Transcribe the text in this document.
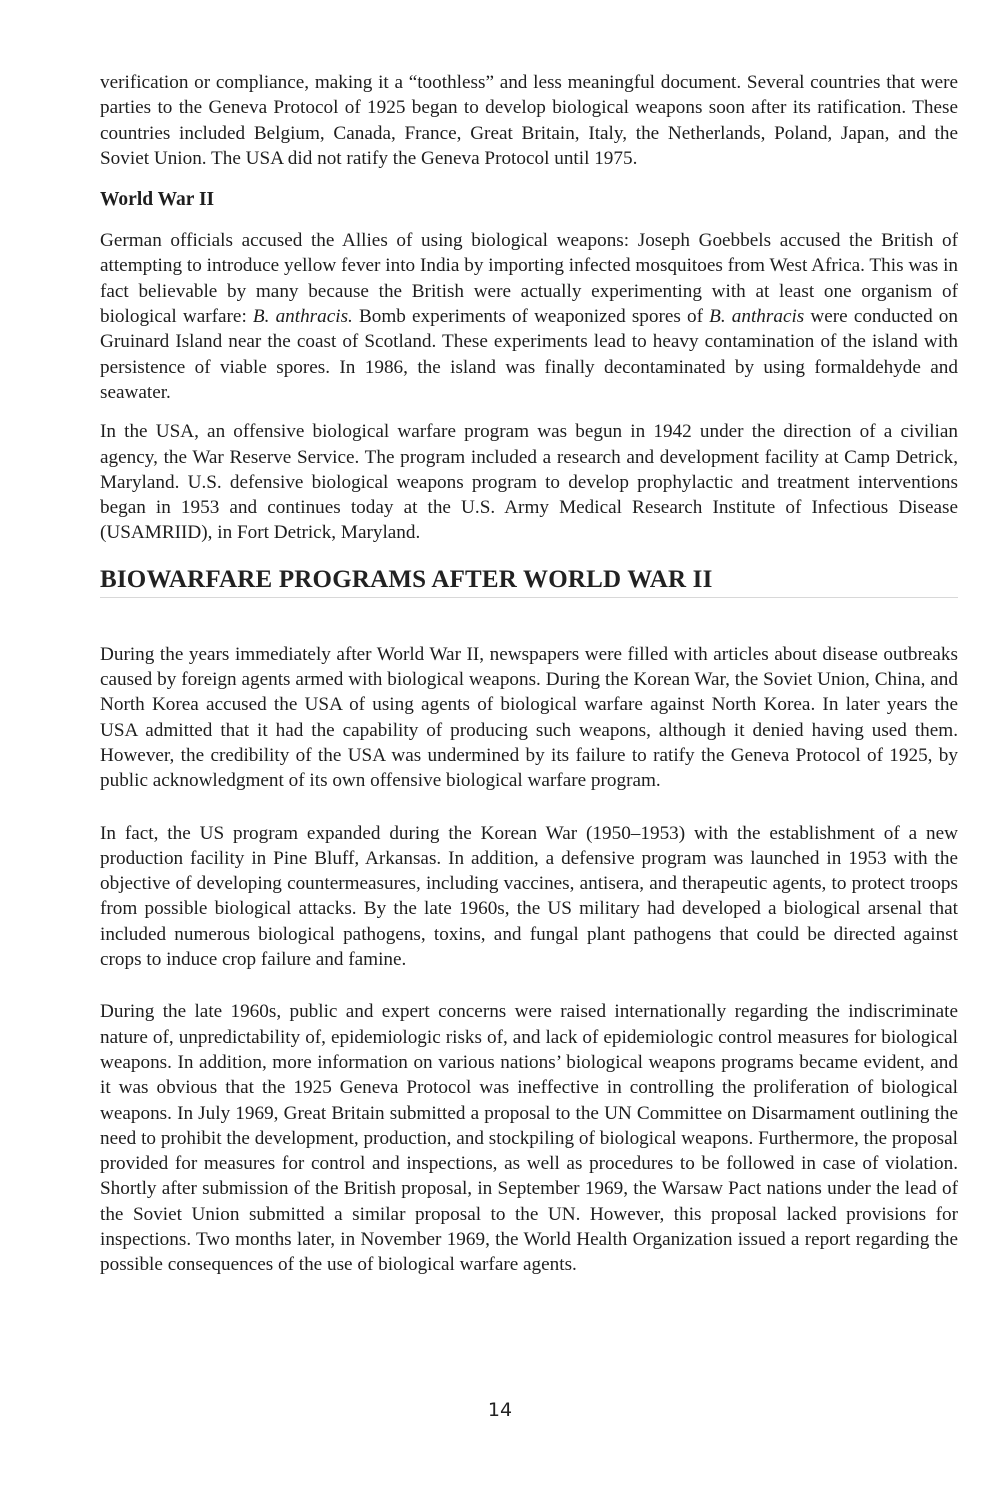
verification or compliance, making it a “toothless” and less meaningful document. Several countries that were parties to the Geneva Protocol of 1925 began to develop biological weapons soon after its ratification. These countries included Belgium, Canada, France, Great Britain, Italy, the Netherlands, Poland, Japan, and the Soviet Union. The USA did not ratify the Geneva Protocol until 1975.

World War II

German officials accused the Allies of using biological weapons: Joseph Goebbels accused the British of attempting to introduce yellow fever into India by importing infected mosquitoes from West Africa. This was in fact believable by many because the British were actually experimenting with at least one organism of biological warfare: B. anthracis. Bomb experiments of weaponized spores of B. anthracis were conducted on Gruinard Island near the coast of Scotland. These experiments lead to heavy contamination of the island with persistence of viable spores. In 1986, the island was finally decontaminated by using formaldehyde and seawater.

In the USA, an offensive biological warfare program was begun in 1942 under the direction of a civilian agency, the War Reserve Service. The program included a research and development facility at Camp Detrick, Maryland. U.S. defensive biological weapons program to develop prophylactic and treatment interventions began in 1953 and continues today at the U.S. Army Medical Research Institute of Infectious Disease (USAMRIID), in Fort Detrick, Maryland.

BIOWARFARE PROGRAMS AFTER WORLD WAR II

During the years immediately after World War II, newspapers were filled with articles about disease outbreaks caused by foreign agents armed with biological weapons. During the Korean War, the Soviet Union, China, and North Korea accused the USA of using agents of biological warfare against North Korea. In later years the USA admitted that it had the capability of producing such weapons, although it denied having used them. However, the credibility of the USA was undermined by its failure to ratify the Geneva Protocol of 1925, by public acknowledgment of its own offensive biological warfare program.

In fact, the US program expanded during the Korean War (1950–1953) with the establishment of a new production facility in Pine Bluff, Arkansas. In addition, a defensive program was launched in 1953 with the objective of developing countermeasures, including vaccines, antisera, and therapeutic agents, to protect troops from possible biological attacks. By the late 1960s, the US military had developed a biological arsenal that included numerous biological pathogens, toxins, and fungal plant pathogens that could be directed against crops to induce crop failure and famine.

During the late 1960s, public and expert concerns were raised internationally regarding the indiscriminate nature of, unpredictability of, epidemiologic risks of, and lack of epidemiologic control measures for biological weapons. In addition, more information on various nations’ biological weapons programs became evident, and it was obvious that the 1925 Geneva Protocol was ineffective in controlling the proliferation of biological weapons. In July 1969, Great Britain submitted a proposal to the UN Committee on Disarmament outlining the need to prohibit the development, production, and stockpiling of biological weapons. Furthermore, the proposal provided for measures for control and inspections, as well as procedures to be followed in case of violation. Shortly after submission of the British proposal, in September 1969, the Warsaw Pact nations under the lead of the Soviet Union submitted a similar proposal to the UN. However, this proposal lacked provisions for inspections. Two months later, in November 1969, the World Health Organization issued a report regarding the possible consequences of the use of biological warfare agents.

14
